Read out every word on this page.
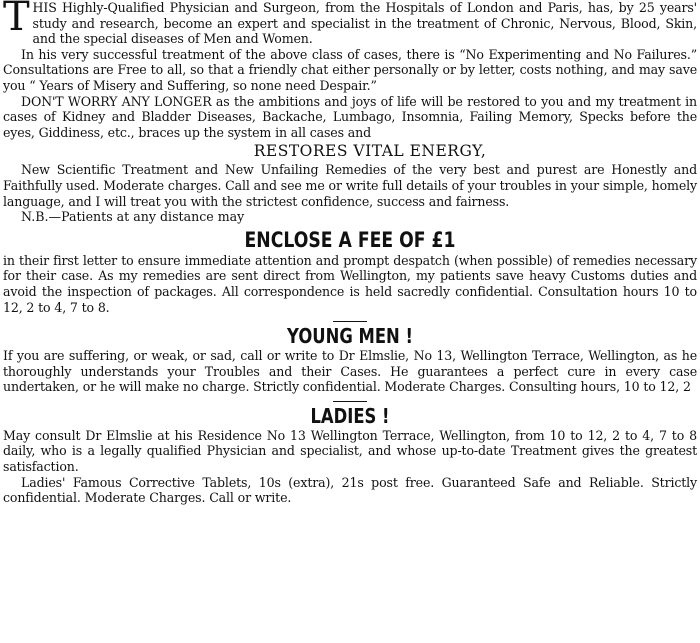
THIS Highly-Qualified Physician and Surgeon, from the Hospitals of London and Paris, has, by 25 years' study and research, become an expert and specialist in the treatment of Chronic, Nervous, Blood, Skin, and the special diseases of Men and Women.

In his very successful treatment of the above class of cases, there is “No Experimenting and No Failures.” Consultations are Free to all, so that a friendly chat either personally or by letter, costs nothing, and may save you “ Years of Misery and Suffering, so none need Despair.”

DON'T WORRY ANY LONGER as the ambitions and joys of life will be restored to you and my treatment in cases of Kidney and Bladder Diseases, Backache, Lumbago, Insomnia, Failing Memory, Specks before the eyes, Giddiness, etc., braces up the system in all cases and

RESTORES VITAL ENERGY,

New Scientific Treatment and New Unfailing Remedies of the very best and purest are Honestly and Faithfully used. Moderate charges. Call and see me or write full details of your troubles in your simple, homely language, and I will treat you with the strictest confidence, success and fairness.

N.B.—Patients at any distance may

ENCLOSE A FEE OF £1

in their first letter to ensure immediate attention and prompt despatch (when possible) of remedies necessary for their case. As my remedies are sent direct from Wellington, my patients save heavy Customs duties and avoid the inspection of packages. All correspondence is held sacredly confidential. Consultation hours 10 to 12, 2 to 4, 7 to 8.

YOUNG MEN !

If you are suffering, or weak, or sad, call or write to Dr Elmslie, No 13, Wellington Terrace, Wellington, as he thoroughly understands your Troubles and their Cases. He guarantees a perfect cure in every case undertaken, or he will make no charge. Strictly confidential. Moderate Charges. Consulting hours, 10 to 12, 2

LADIES !

May consult Dr Elmslie at his Residence No 13 Wellington Terrace, Wellington, from 10 to 12, 2 to 4, 7 to 8 daily, who is a legally qualified Physician and specialist, and whose up-to-date Treatment gives the greatest satisfaction.

Ladies' Famous Corrective Tablets, 10s (extra), 21s post free. Guaranteed Safe and Reliable. Strictly confidential. Moderate Charges. Call or write.
